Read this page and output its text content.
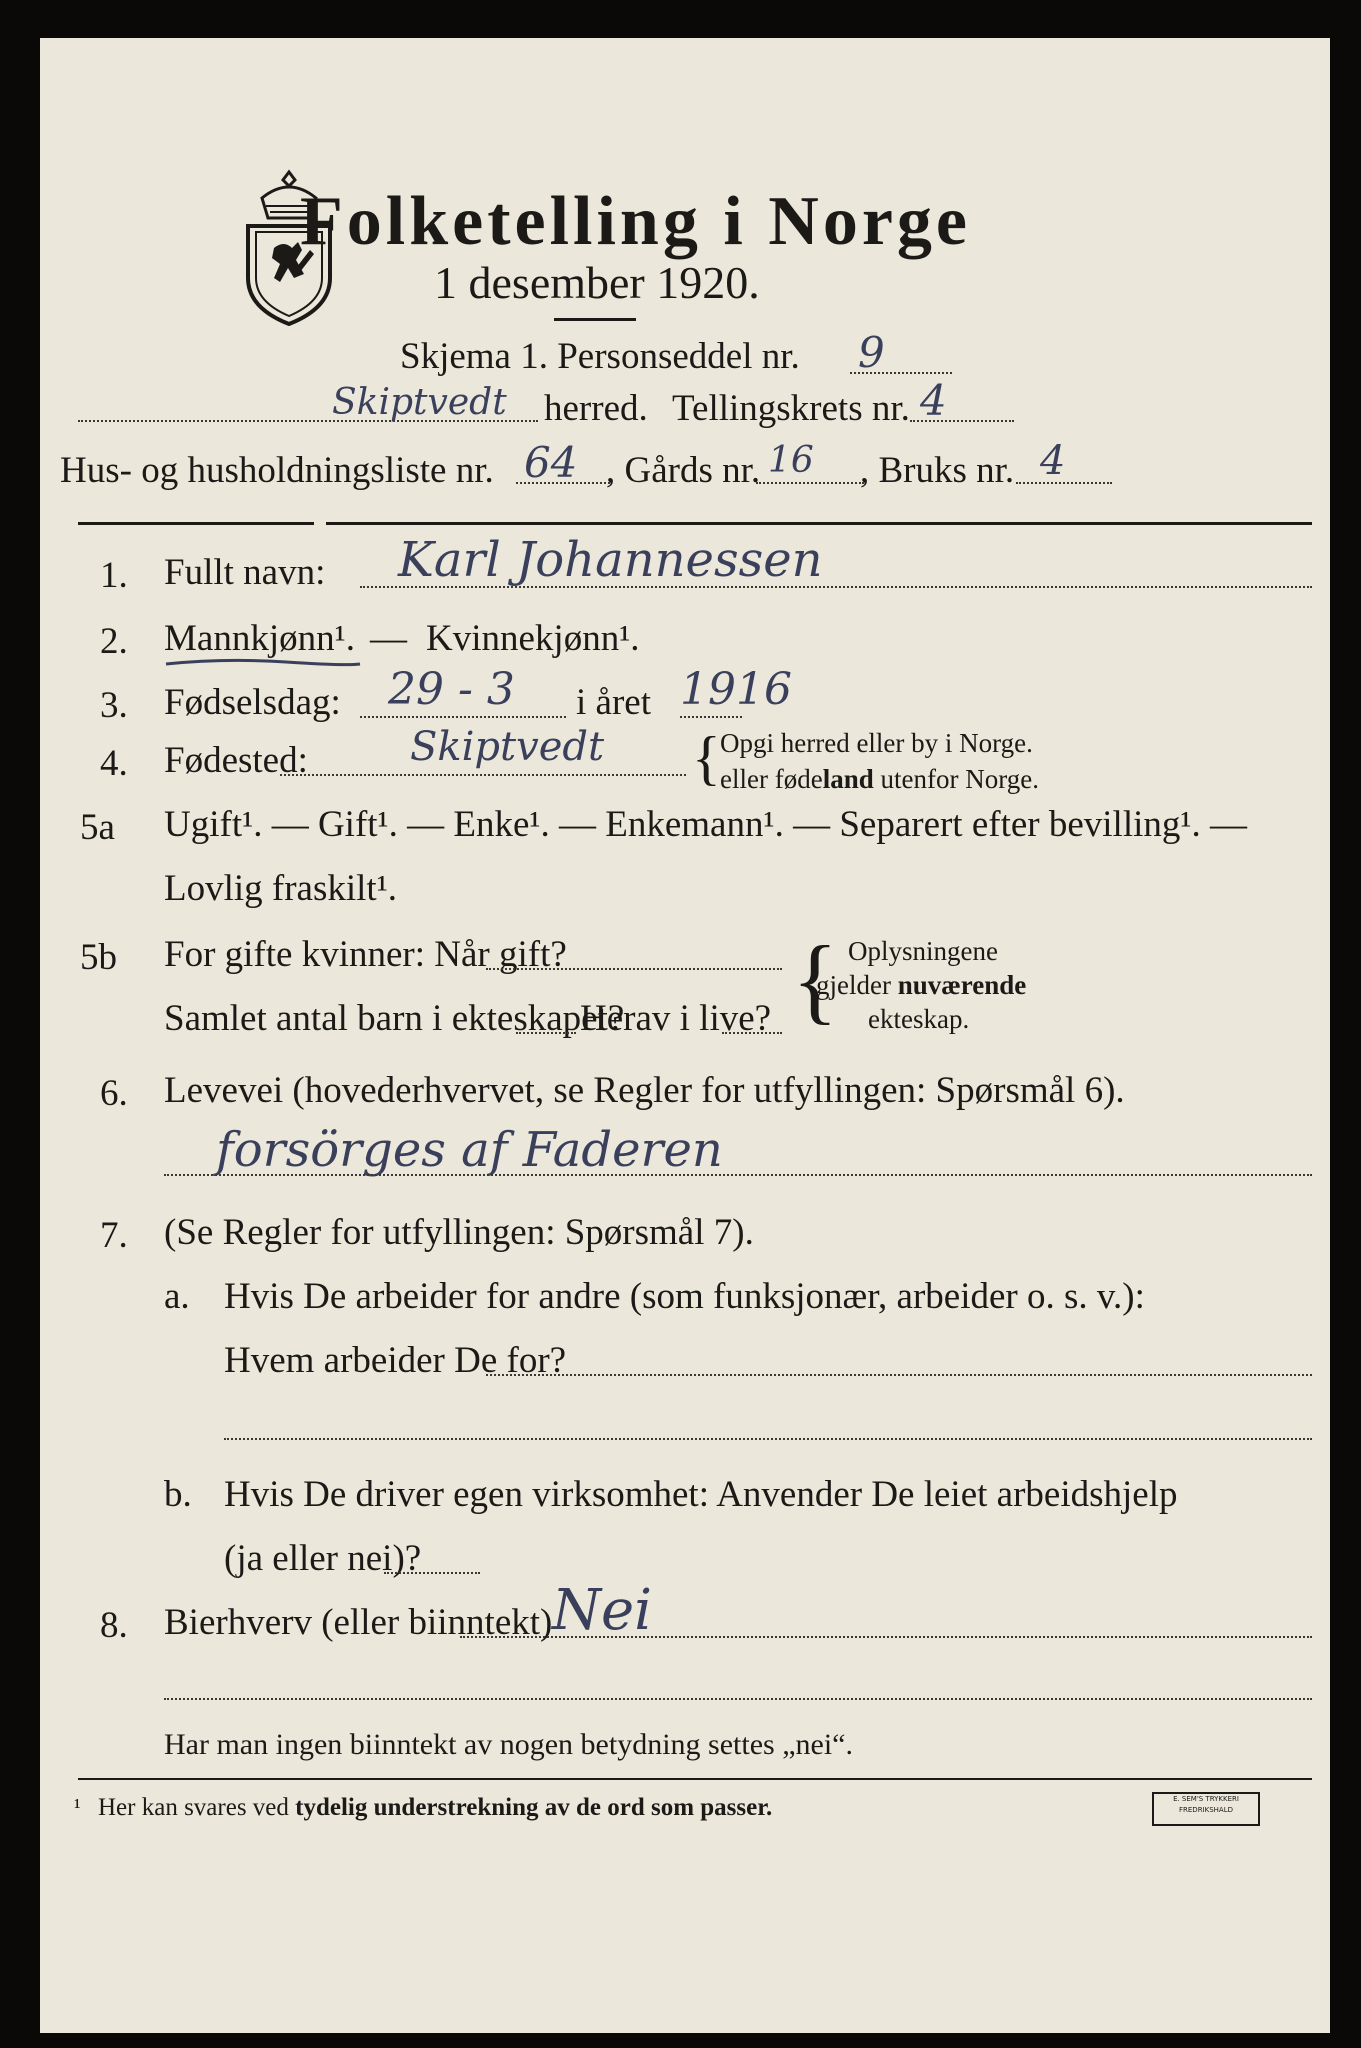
Folketelling i Norge
1 desember 1920.
Skjema 1. Personseddel nr. 9
Skiptvedt herred. Tellingskrets nr. 4
Hus- og husholdningsliste nr. 64 , Gårds nr. 16 , Bruks nr. 4
1. Fullt navn: Karl Johannessen
2. Mannkjønn¹. — Kvinnekjønn¹.
3. Fødselsdag: 29 - 3 i året 1916
4. Fødested:	Skiptvedt { Opgi herred eller by i Norge.
eller fødeland utenfor Norge.
5a Ugift¹. — Gift¹. — Enke¹. — Enkemann¹. — Separert efter bevilling¹. —
Lovlig fraskilt¹.
5b For gifte kvinner: Når gift?
Samlet antal barn i ekteskapet?
Herav i live? { Oplysningene
gjelder nuværende
ekteskap.
6. Levevei (hovederhvervet, se Regler for utfyllingen: Spørsmål 6).
forsörges af Faderen
7. (Se Regler for utfyllingen: Spørsmål 7).
a. Hvis De arbeider for andre (som funksjonær, arbeider o. s. v.):
Hvem arbeider De for?
b. Hvis De driver egen virksomhet: Anvender De leiet arbeidshjelp
(ja eller nei)?
8. Bierhverv (eller biinntekt) Nei
Har man ingen biinntekt av nogen betydning settes „nei“.
¹ Her kan svares ved tydelig understrekning av de ord som passer.	E. SEM'S TRYKKERI
FREDRIKSHALD
